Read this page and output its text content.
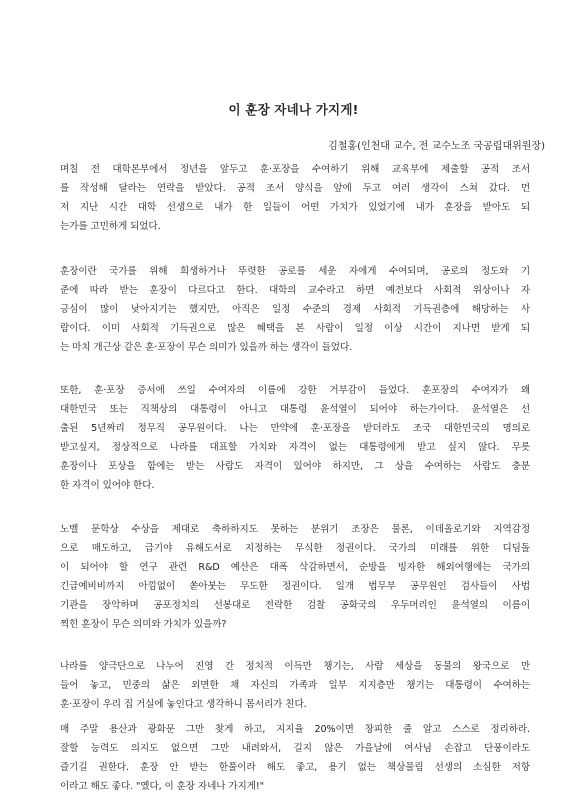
이 훈장 자네나 가지게!
김철홍(인천대 교수, 전 교수노조 국공립대위원장)
며칠 전 대학본부에서 정년을 앞두고 훈·포장을 수여하기 위해 교육부에 제출할 공적 조서
를 작성해 달라는 연락을 받았다. 공적 조서 양식을 앞에 두고 여러 생각이 스쳐 갔다. 먼
저 지난 시간 대학 선생으로 내가 한 일들이 어떤 가치가 있었기에 내가 훈장을 받아도 되
는가를 고민하게 되었다.
훈장이란 국가를 위해 희생하거나 뚜렷한 공로를 세운 자에게 수여되며, 공로의 정도와 기
준에 따라 받는 훈장이 다르다고 한다. 대학의 교수라고 하면 예전보다 사회적 위상이나 자
긍심이 많이 낮아지기는 했지만, 아직은 일정 수준의 경제 사회적 기득권층에 해당하는 사
람이다. 이미 사회적 기득권으로 많은 혜택을 본 사람이 일정 이상 시간이 지나면 받게 되
는 마치 개근상 같은 훈·포장이 무슨 의미가 있을까 하는 생각이 들었다.
또한, 훈·포장 증서에 쓰일 수여자의 이름에 강한 거부감이 들었다. 훈포장의 수여자가 왜
대한민국 또는 직책상의 대통령이 아니고 대통령 윤석열이 되어야 하는가이다. 윤석열은 선
출된 5년짜리 정무직 공무원이다. 나는 만약에 훈·포장을 받더라도 조국 대한민국의 명의로
받고싶지, 정상적으로 나라를 대표할 가치와 자격이 없는 대통령에게 받고 싶지 않다. 무릇
훈장이나 포상을 함에는 받는 사람도 자격이 있어야 하지만, 그 상을 수여하는 사람도 충분
한 자격이 있어야 한다.
노벨 문학상 수상을 제대로 축하하지도 못하는 분위기 조장은 물론, 이데올로기와 지역감정
으로 매도하고, 급기야 유해도서로 지정하는 무식한 정권이다. 국가의 미래를 위한 디딤돌
이 되어야 할 연구 관련 R&D 예산은 대폭 삭감하면서, 순방을 빙자한 해외여행에는 국가의
긴급예비비까지 아낌없이 쏟아붓는 무도한 정권이다. 일개 법무부 공무원인 검사들이 사법
기관을 장악하며 공포정치의 선봉대로 전락한 검찰 공화국의 우두머리인 윤석열의 이름이
찍힌 훈장이 무슨 의미와 가치가 있을까?
나라를 양극단으로 나누어 진영 간 정치적 이득만 챙기는, 사람 세상을 동물의 왕국으로 만
들어 놓고, 민중의 삶은 외면한 채 자신의 가족과 일부 지지층만 챙기는 대통령이 수여하는
훈·포장이 우리 집 거실에 놓인다고 생각하니 몸서리가 친다.
매 주말 용산과 광화문 그만 찾게 하고, 지지율 20%이면 창피한 줄 알고 스스로 정리하라.
잘할 능력도 의지도 없으면 그만 내려와서, 길지 않은 가을날에 여사님 손잡고 단풍이라도
즐기길 권한다. 훈장 안 받는 한풀이라 해도 좋고, 용기 없는 책상물림 선생의 소심한 저항
이라고 해도 좋다. "옜다, 이 훈장 자네나 가지게!"
